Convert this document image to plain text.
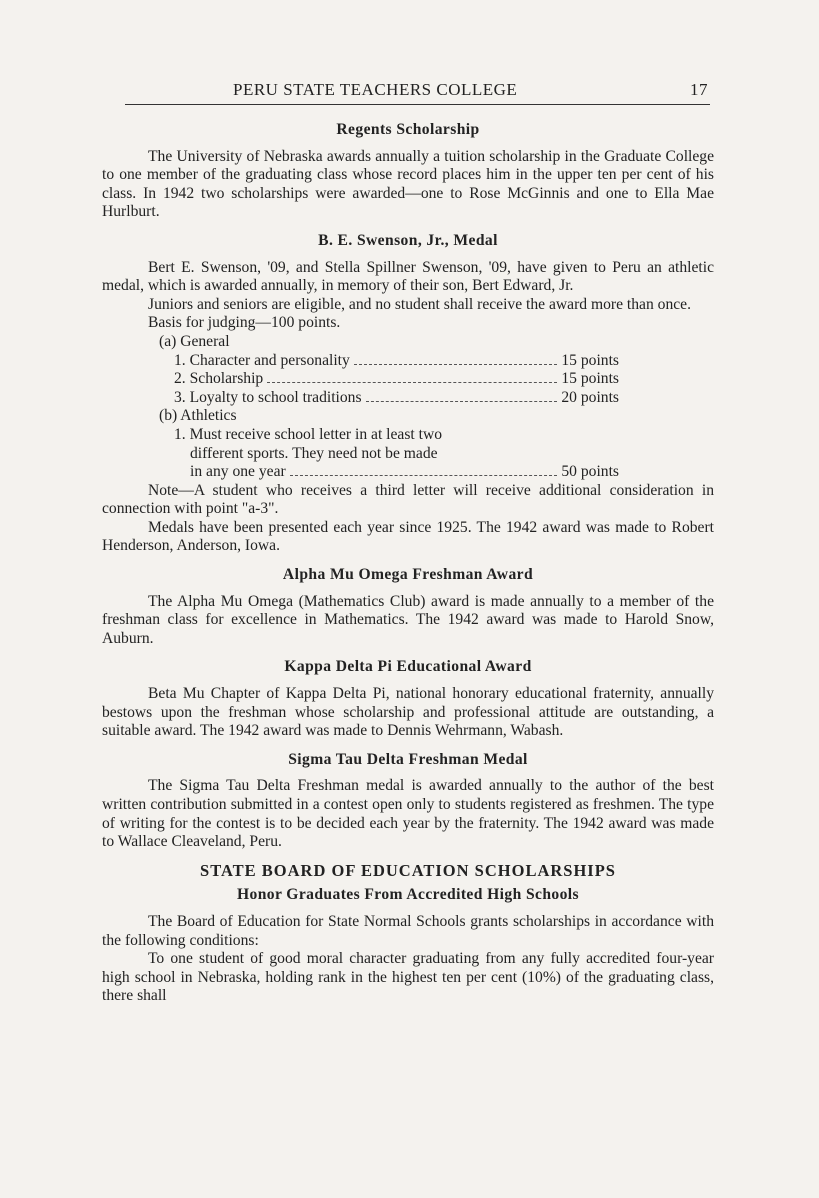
PERU STATE TEACHERS COLLEGE	17
Regents Scholarship

The University of Nebraska awards annually a tuition scholarship in the Graduate College to one member of the graduating class whose record places him in the upper ten per cent of his class. In 1942 two scholarships were awarded—one to Rose McGinnis and one to Ella Mae Hurlburt.

B. E. Swenson, Jr., Medal

Bert E. Swenson, '09, and Stella Spillner Swenson, '09, have given to Peru an athletic medal, which is awarded annually, in memory of their son, Bert Edward, Jr.

Juniors and seniors are eligible, and no student shall receive the award more than once.

Basis for judging—100 points.

(a) General
1. Character and personality	15 points
2. Scholarship	15 points
3. Loyalty to school traditions	20 points
(b) Athletics
1. Must receive school letter in at least two
different sports. They need not be made
in any one year	50 points

Note—A student who receives a third letter will receive additional consideration in connection with point "a-3".

Medals have been presented each year since 1925. The 1942 award was made to Robert Henderson, Anderson, Iowa.

Alpha Mu Omega Freshman Award

The Alpha Mu Omega (Mathematics Club) award is made annually to a member of the freshman class for excellence in Mathematics. The 1942 award was made to Harold Snow, Auburn.

Kappa Delta Pi Educational Award

Beta Mu Chapter of Kappa Delta Pi, national honorary educational fraternity, annually bestows upon the freshman whose scholarship and professional attitude are outstanding, a suitable award. The 1942 award was made to Dennis Wehrmann, Wabash.

Sigma Tau Delta Freshman Medal

The Sigma Tau Delta Freshman medal is awarded annually to the author of the best written contribution submitted in a contest open only to students registered as freshmen. The type of writing for the contest is to be decided each year by the fraternity. The 1942 award was made to Wallace Cleaveland, Peru.

STATE BOARD OF EDUCATION SCHOLARSHIPS
Honor Graduates From Accredited High Schools

The Board of Education for State Normal Schools grants scholarships in accordance with the following conditions:

To one student of good moral character graduating from any fully accredited four-year high school in Nebraska, holding rank in the highest ten per cent (10%) of the graduating class, there shall
